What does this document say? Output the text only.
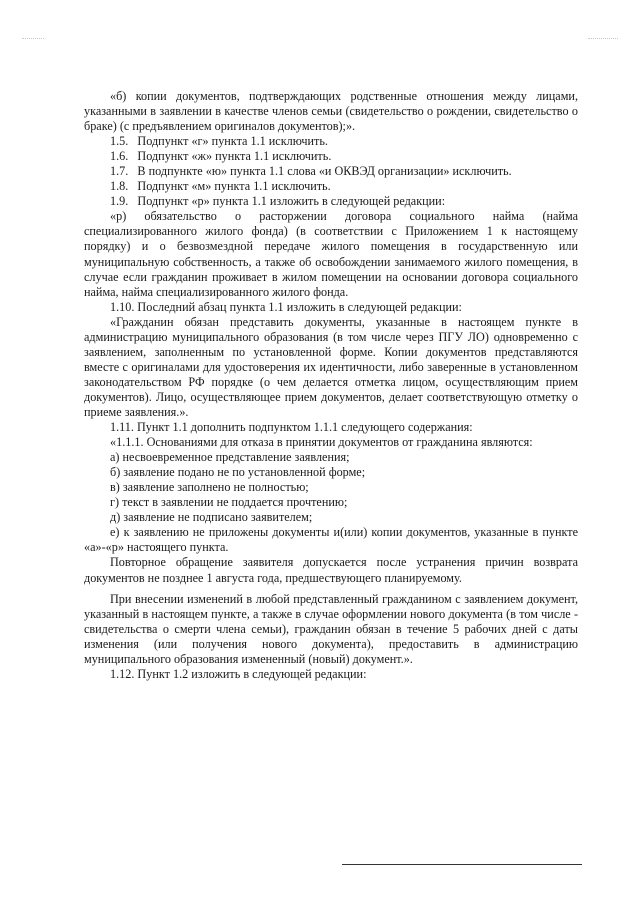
«б) копии документов, подтверждающих родственные отношения между лицами, указанными в заявлении в качестве членов семьи (свидетельство о рождении, свидетельство о браке) (с предъявлением оригиналов документов);».

1.5.   Подпункт «г» пункта 1.1 исключить.

1.6.   Подпункт «ж» пункта 1.1 исключить.

1.7.   В подпункте «ю» пункта 1.1 слова «и ОКВЭД организации» исключить.

1.8.   Подпункт «м» пункта 1.1 исключить.

1.9.   Подпункт «р» пункта 1.1 изложить в следующей редакции:

«р) обязательство о расторжении договора социального найма (найма специализированного жилого фонда) (в соответствии с Приложением 1 к настоящему порядку) и о безвозмездной передаче жилого помещения в государственную или муниципальную собственность, а также об освобождении занимаемого жилого помещения, в случае если гражданин проживает в жилом помещении на основании договора социального найма, найма специализированного жилого фонда.

1.10. Последний абзац пункта 1.1 изложить в следующей редакции:

«Гражданин обязан представить документы, указанные в настоящем пункте в администрацию муниципального образования (в том числе через ПГУ ЛО) одновременно с заявлением, заполненным по установленной форме. Копии документов представляются вместе с оригиналами для удостоверения их идентичности, либо заверенные в установленном законодательством РФ порядке (о чем делается отметка лицом, осуществляющим прием документов). Лицо, осуществляющее прием документов, делает соответствующую отметку о приеме заявления.».

1.11. Пункт 1.1 дополнить подпунктом 1.1.1 следующего содержания:

«1.1.1. Основаниями для отказа в принятии документов от гражданина являются:

а) несвоевременное представление заявления;

б) заявление подано не по установленной форме;

в) заявление заполнено не полностью;

г) текст в заявлении не поддается прочтению;

д) заявление не подписано заявителем;

е) к заявлению не приложены документы и(или) копии документов, указанные в пункте «а»-«р» настоящего пункта.

Повторное обращение заявителя допускается после устранения причин возврата документов не позднее 1 августа года, предшествующего планируемому.

При внесении изменений в любой представленный гражданином с заявлением документ, указанный в настоящем пункте, а также в случае оформлении нового документа (в том числе - свидетельства о смерти члена семьи), гражданин обязан в течение 5 рабочих дней с даты изменения (или получения нового документа), предоставить в администрацию муниципального образования измененный (новый) документ.».

1.12. Пункт 1.2 изложить в следующей редакции:
